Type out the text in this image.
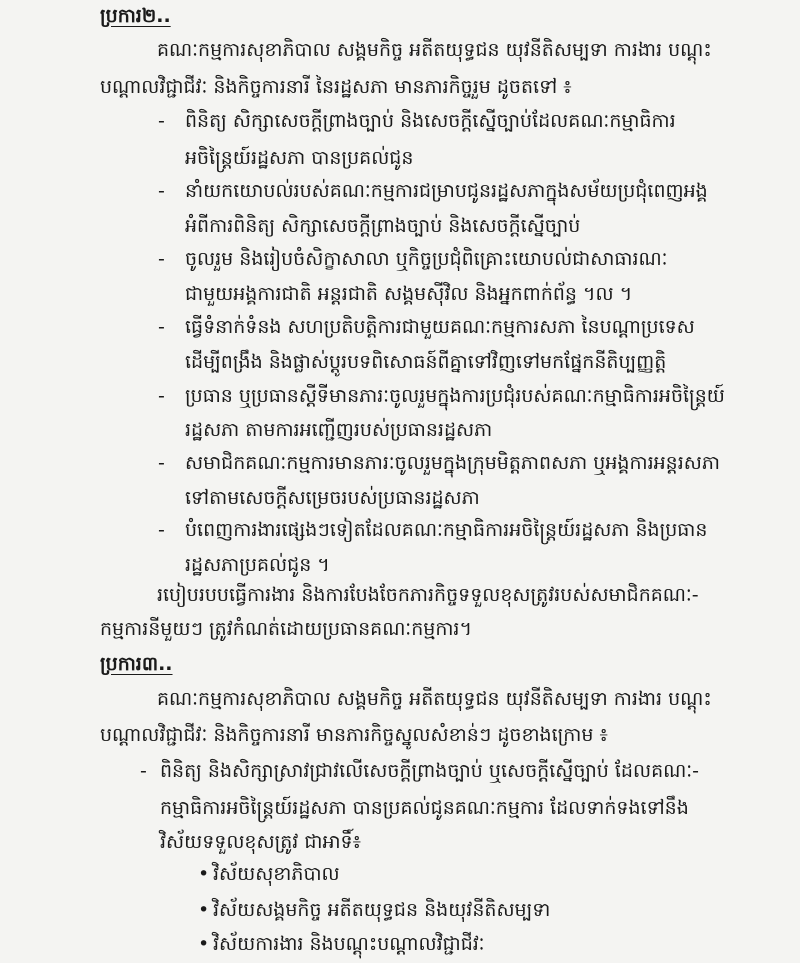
ប្រការ២..
គណៈកម្មការសុខាភិបាល សង្គមកិច្ច អតីតយុទ្ធជន យុវនីតិសម្បទា ការងារ បណ្ដុះ
បណ្ដាលវិជ្ជាជីវៈ និងកិច្ចការនារី នៃរដ្ឋសភា មានភារកិច្ចរួម ដូចតទៅ ៖
- ពិនិត្យ សិក្សាសេចក្ដីព្រាងច្បាប់ និងសេចក្ដីស្នើច្បាប់ដែលគណៈកម្មាធិការ
អចិន្ត្រៃយ៍រដ្ឋសភា បានប្រគល់ជូន
- នាំយកយោបល់របស់គណៈកម្មការជម្រាបជូនរដ្ឋសភាក្នុងសម័យប្រជុំពេញអង្គ
អំពីការពិនិត្យ សិក្សាសេចក្ដីព្រាងច្បាប់ និងសេចក្ដីស្នើច្បាប់
- ចូលរួម និងរៀបចំសិក្ខាសាលា ឬកិច្ចប្រជុំពិគ្រោះយោបល់ជាសាធារណៈ
ជាមួយអង្គការជាតិ អន្តរជាតិ សង្គមស៊ីវិល និងអ្នកពាក់ព័ន្ធ ។ល ។
- ធ្វើទំនាក់ទំនង សហប្រតិបត្តិការជាមួយគណៈកម្មការសភា នៃបណ្ដាប្រទេស
ដើម្បីពង្រឹង និងផ្លាស់ប្ដូរបទពិសោធន៍ពីគ្នាទៅវិញទៅមកផ្នែកនីតិប្បញ្ញត្តិ
- ប្រធាន ឬប្រធានស្ដីទីមានភារៈចូលរួមក្នុងការប្រជុំរបស់គណៈកម្មាធិការអចិន្ត្រៃយ៍
រដ្ឋសភា តាមការអញ្ជើញរបស់ប្រធានរដ្ឋសភា
- សមាជិកគណៈកម្មការមានភារៈចូលរួមក្នុងក្រុមមិត្តភាពសភា ឬអង្គការអន្តរសភា
ទៅតាមសេចក្ដីសម្រេចរបស់ប្រធានរដ្ឋសភា
- បំពេញការងារផ្សេងៗទៀតដែលគណៈកម្មាធិការអចិន្ត្រៃយ៍រដ្ឋសភា និងប្រធាន
រដ្ឋសភាប្រគល់ជូន ។
របៀបរបបធ្វើការងារ និងការបែងចែកភារកិច្ចទទួលខុសត្រូវរបស់សមាជិកគណៈ-
កម្មការនីមួយៗ ត្រូវកំណត់ដោយប្រធានគណៈកម្មការ។
ប្រការ៣..
គណៈកម្មការសុខាភិបាល សង្គមកិច្ច អតីតយុទ្ធជន យុវនីតិសម្បទា ការងារ បណ្ដុះ
បណ្ដាលវិជ្ជាជីវៈ និងកិច្ចការនារី មានភារកិច្ចស្នូលសំខាន់ៗ ដូចខាងក្រោម ៖
- ពិនិត្យ និងសិក្សាស្រាវជ្រាវលើសេចក្ដីព្រាងច្បាប់ ឬសេចក្ដីស្នើច្បាប់ ដែលគណៈ-
កម្មាធិការអចិន្ត្រៃយ៍រដ្ឋសភា បានប្រគល់ជូនគណៈកម្មការ ដែលទាក់ទងទៅនឹង
វិស័យទទួលខុសត្រូវ ជាអាទិ៍៖
• វិស័យសុខាភិបាល
• វិស័យសង្គមកិច្ច អតីតយុទ្ធជន និងយុវនីតិសម្បទា
• វិស័យការងារ និងបណ្ដុះបណ្ដាលវិជ្ជាជីវៈ
